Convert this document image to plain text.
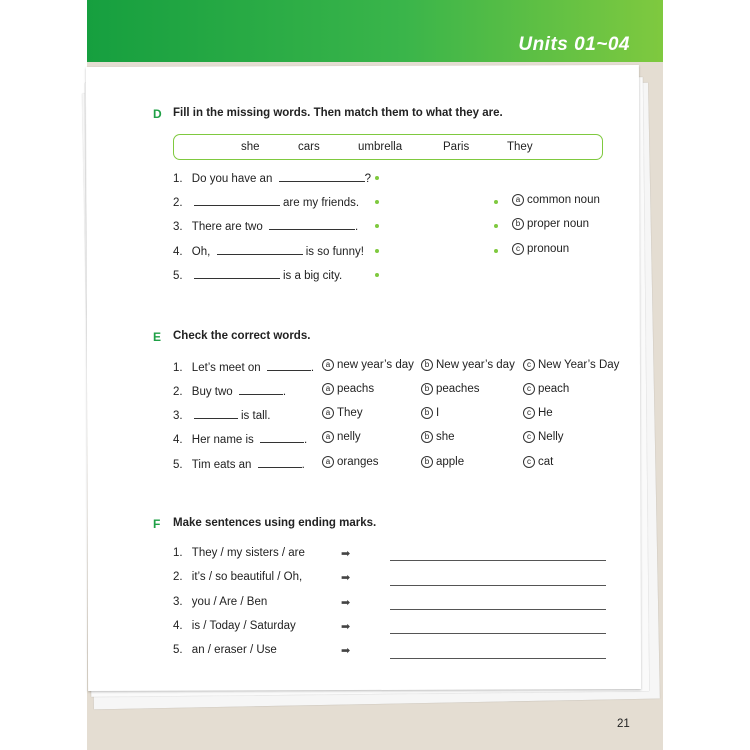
Units 01~04
D Fill in the missing words. Then match them to what they are.
she	cars	umbrella	Paris	They
1. Do you have an	?
2.	are my friends.
3. There are two	.
4. Oh,	is so funny!
5.	is a big city.
a common noun
b proper noun
c pronoun
E Check the correct words.
1. Let’s meet on	.	a new year’s day	b New year’s day	c New Year’s Day
2. Buy two	.	a peachs	b peaches	c peach
3.	is tall.	a They	b I	c He
4. Her name is	.	a nelly	b she	c Nelly
5. Tim eats an	.	a oranges	b apple	c cat
F Make sentences using ending marks.
1. They / my sisters / are	➡
2. it’s / so beautiful / Oh,	➡
3. you / Are / Ben	➡
4. is / Today / Saturday	➡
5. an / eraser / Use	➡
21
